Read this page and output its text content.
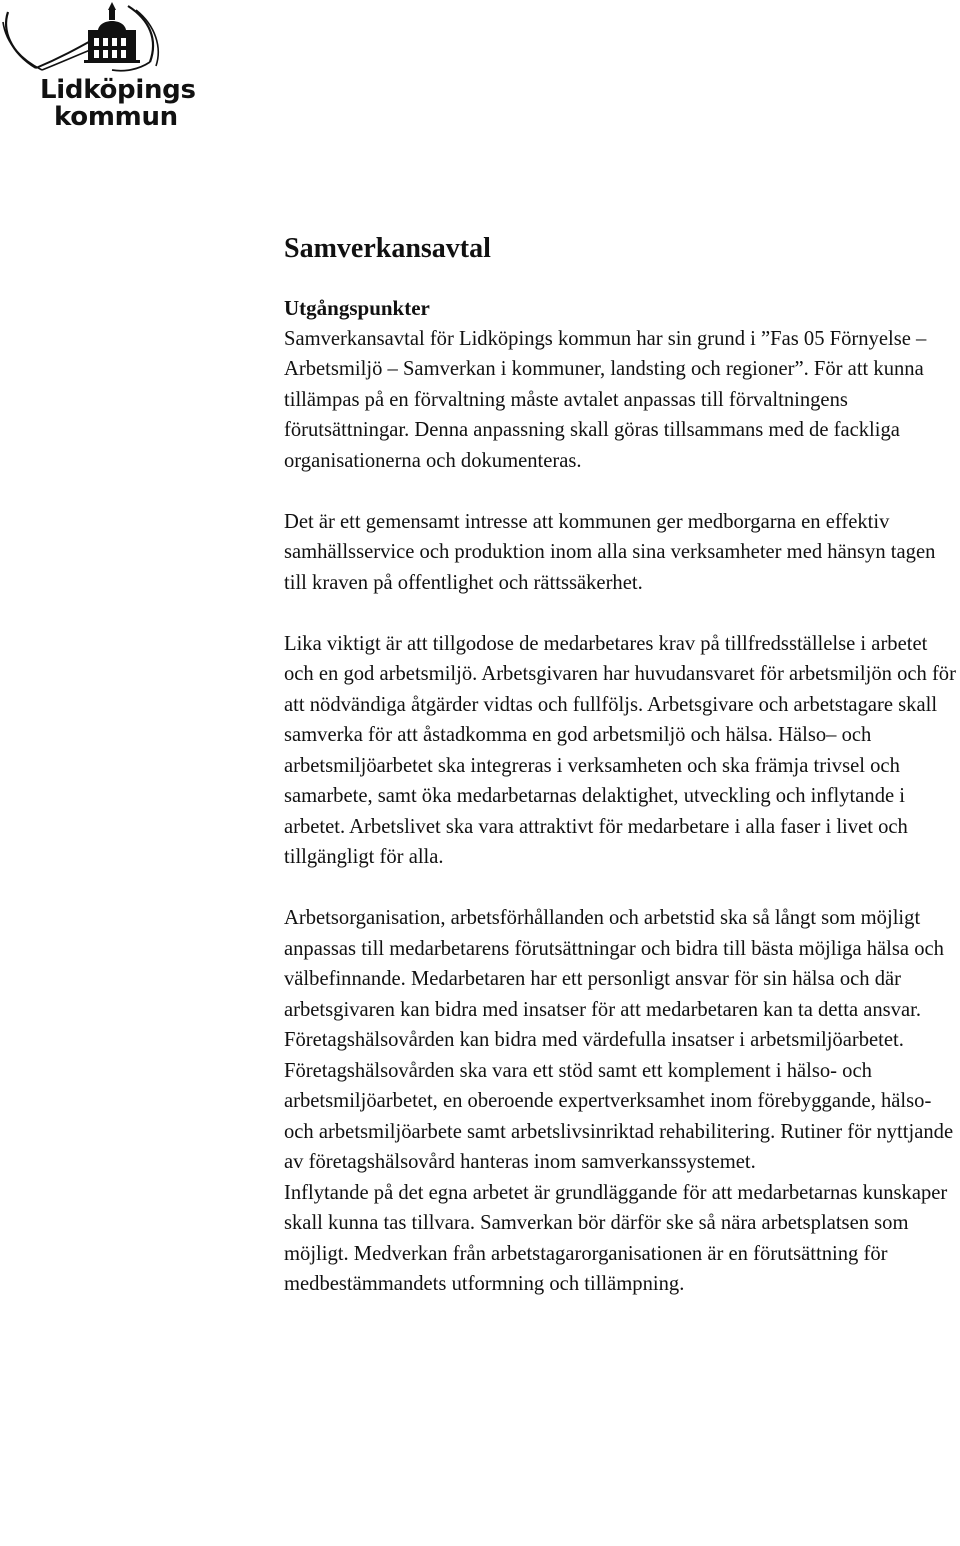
Lidköpings
kommun
Samverkansavtal
Utgångspunkter

Samverkansavtal för Lidköpings kommun har sin grund i ”Fas 05 Förnyelse – Arbetsmiljö – Samverkan i kommuner, landsting och regioner”. För att kunna tillämpas på en förvaltning måste avtalet anpassas till förvaltningens förutsättningar. Denna anpassning skall göras tillsammans med de fackliga organisationerna och dokumenteras.

Det är ett gemensamt intresse att kommunen ger medborgarna en effektiv samhällsservice och produktion inom alla sina verksamheter med hänsyn tagen till kraven på offentlighet och rättssäkerhet.

Lika viktigt är att tillgodose de medarbetares krav på tillfredsställelse i arbetet och en god arbetsmiljö. Arbetsgivaren har huvudansvaret för arbetsmiljön och för att nödvändiga åtgärder vidtas och fullföljs. Arbetsgivare och arbetstagare skall samverka för att åstadkomma en god arbetsmiljö och hälsa. Hälso– och arbetsmiljöarbetet ska integreras i verksamheten och ska främja trivsel och samarbete, samt öka medarbetarnas delaktighet, utveckling och inflytande i arbetet. Arbetslivet ska vara attraktivt för medarbetare i alla faser i livet och tillgängligt för alla.

Arbetsorganisation, arbetsförhållanden och arbetstid ska så långt som möjligt anpassas till medarbetarens förutsättningar och bidra till bästa möjliga hälsa och välbefinnande. Medarbetaren har ett personligt ansvar för sin hälsa och där arbetsgivaren kan bidra med insatser för att medarbetaren kan ta detta ansvar. Företagshälsovården kan bidra med värdefulla insatser i arbetsmiljöarbetet. Företagshälsovården ska vara ett stöd samt ett komplement i hälso- och arbetsmiljöarbetet, en oberoende expertverksamhet inom förebyggande, hälso- och arbetsmiljöarbete samt arbetslivsinriktad rehabilitering. Rutiner för nyttjande av företagshälsovård hanteras inom samverkanssystemet.

Inflytande på det egna arbetet är grundläggande för att medarbetarnas kunskaper skall kunna tas tillvara. Samverkan bör därför ske så nära arbetsplatsen som möjligt. Medverkan från arbetstagarorganisationen är en förutsättning för medbestämmandets utformning och tillämpning.
